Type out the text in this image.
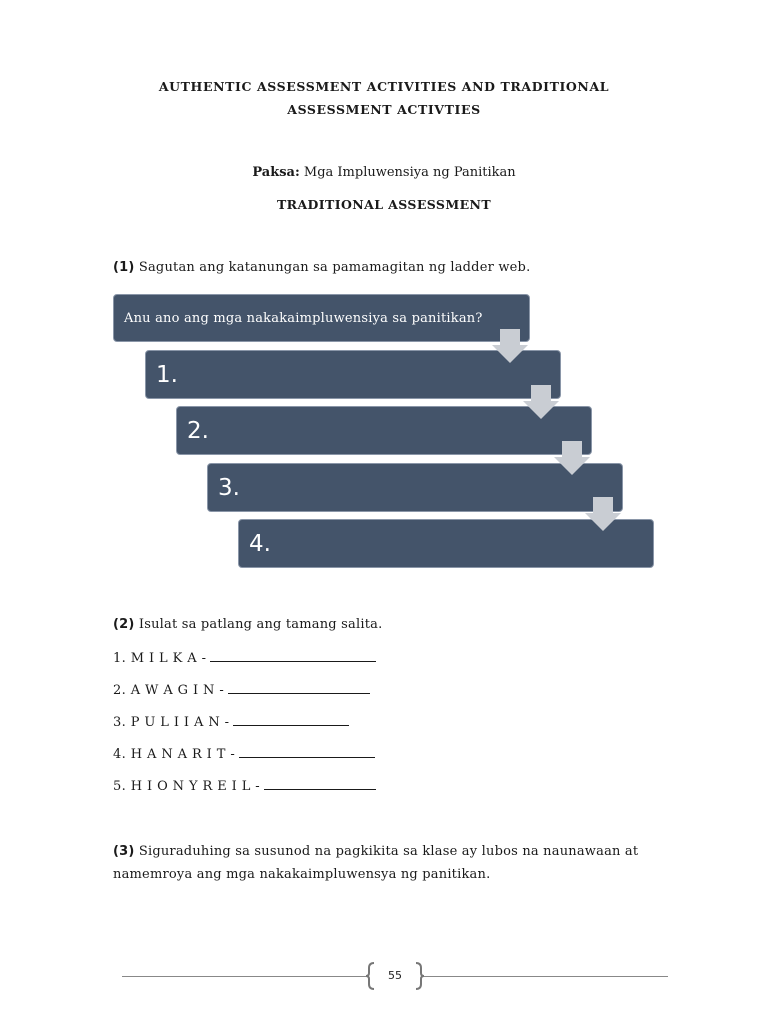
AUTHENTIC ASSESSMENT ACTIVITIES AND TRADITIONAL
ASSESSMENT ACTIVTIES
Paksa: Mga Impluwensiya ng Panitikan
TRADITIONAL ASSESSMENT
(1) Sagutan ang katanungan sa pamamagitan ng ladder web.
Anu ano ang mga nakakaimpluwensiya sa panitikan?
1.
2.
3.
4.
(2) Isulat sa patlang ang tamang salita.
1. M I L K A -
2. A W A G I N -
3. P U L I I A N -
4. H A N A R I T -
5. H I O N Y R E I L -
(3) Siguraduhing sa susunod na pagkikita sa klase ay lubos na naunawaan at namemroya ang mga nakakaimpluwensya ng panitikan.
55
